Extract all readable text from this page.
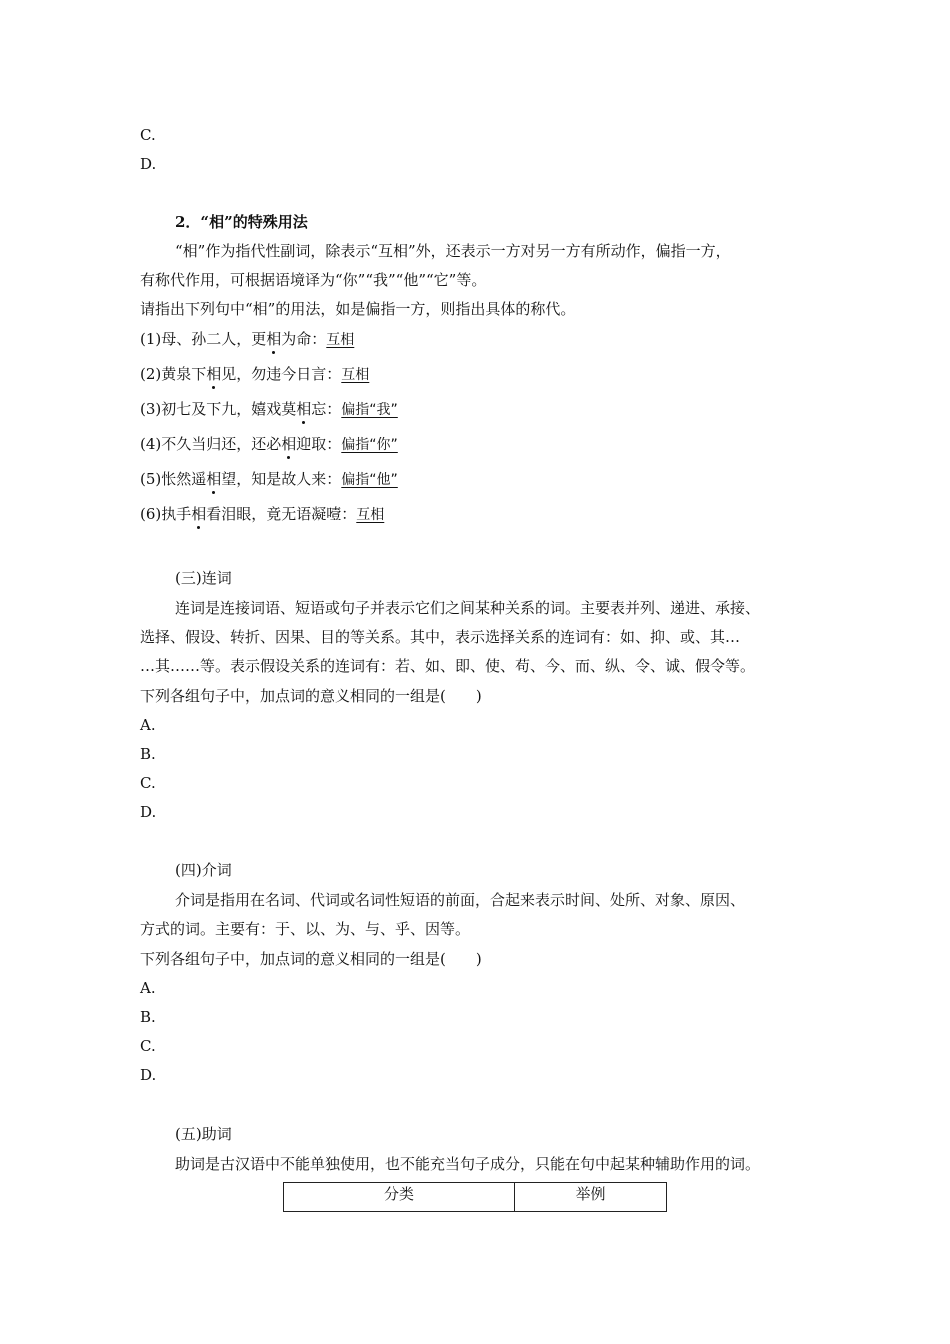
C.
D.
2．“相”的特殊用法
“相”作为指代性副词，除表示“互相”外，还表示一方对另一方有所动作，偏指一方，
有称代作用，可根据语境译为“你”“我”“他”“它”等。
请指出下列句中“相”的用法，如是偏指一方，则指出具体的称代。
(1)母、孙二人，更相为命：互相
(2)黄泉下相见，勿违今日言：互相
(3)初七及下九，嬉戏莫相忘：偏指“我”
(4)不久当归还，还必相迎取：偏指“你”
(5)怅然遥相望，知是故人来：偏指“他”
(6)执手相看泪眼，竟无语凝噎：互相
(三)连词
连词是连接词语、短语或句子并表示它们之间某种关系的词。主要表并列、递进、承接、
选择、假设、转折、因果、目的等关系。其中，表示选择关系的连词有：如、抑、或、其…
…其……等。表示假设关系的连词有：若、如、即、使、苟、今、而、纵、令、诚、假令等。
下列各组句子中，加点词的意义相同的一组是(　　)
A.
B.
C.
D.
(四)介词
介词是指用在名词、代词或名词性短语的前面，合起来表示时间、处所、对象、原因、
方式的词。主要有：于、以、为、与、乎、因等。
下列各组句子中，加点词的意义相同的一组是(　　)
A.
B.
C.
D.
(五)助词
助词是古汉语中不能单独使用，也不能充当句子成分，只能在句中起某种辅助作用的词。
分类	举例
